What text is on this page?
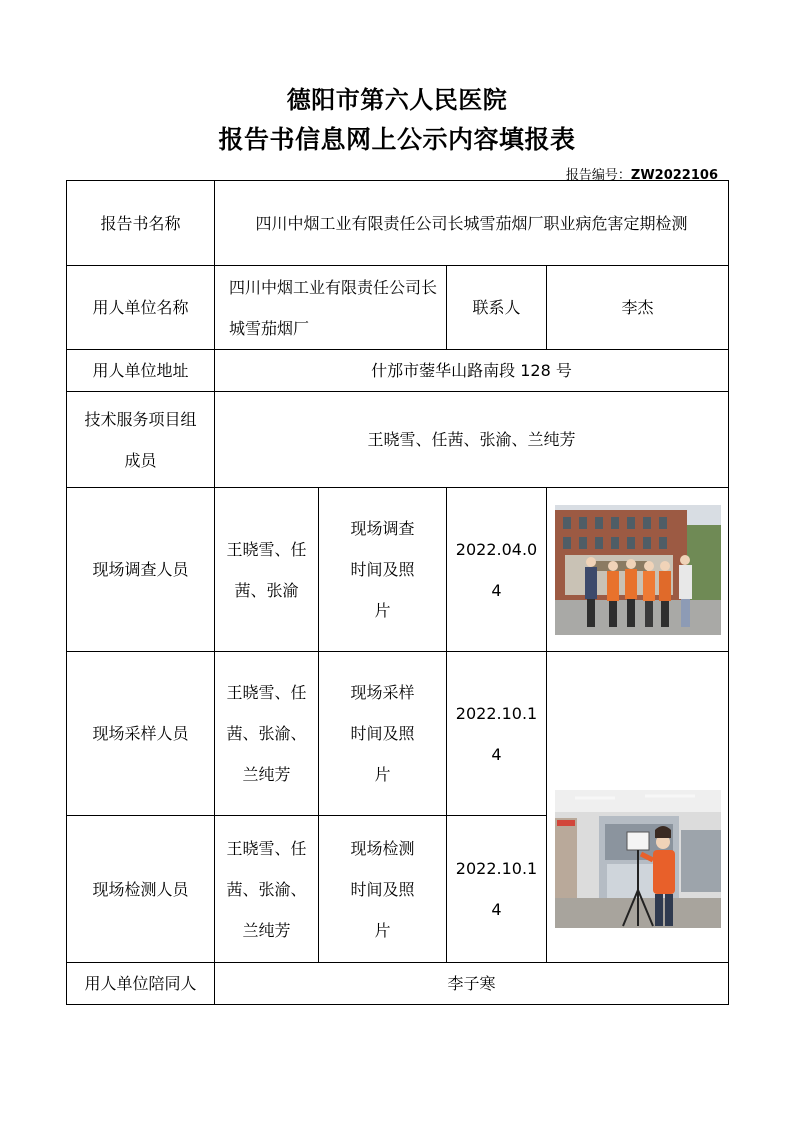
德阳市第六人民医院
报告书信息网上公示内容填报表
报告编号：ZW2022106
报告书名称	四川中烟工业有限责任公司长城雪茄烟厂职业病危害定期检测			
用人单位名称	四川中烟工业有限责任公司长城雪茄烟厂		联系人	李杰
用人单位地址	什邡市蓥华山路南段 128 号			
技术服务项目组成员	王晓雪、任茜、张渝、兰纯芳			
现场调查人员	王晓雪、任茜、张渝	现场调查时间及照片	2022.04.04	

现场采样人员	王晓雪、任茜、张渝、兰纯芳	现场采样时间及照片	2022.10.14	

现场检测人员	王晓雪、任茜、张渝、兰纯芳	现场检测时间及照片	2022.10.14	
用人单位陪同人	李子寒			
